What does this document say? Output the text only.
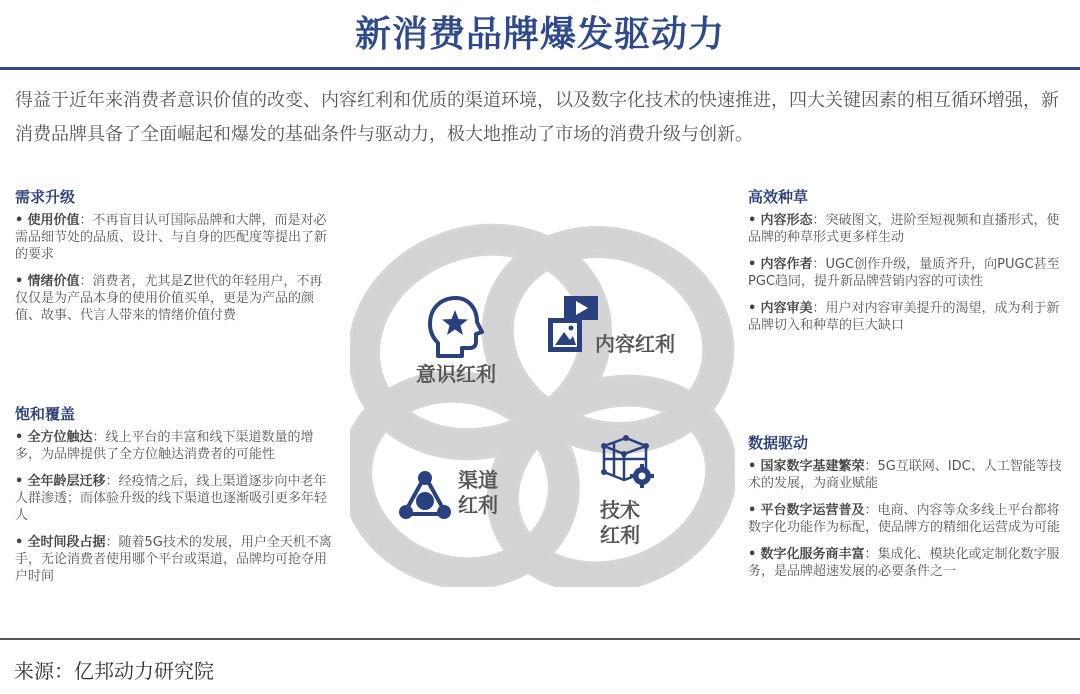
新消费品牌爆发驱动力
得益于近年来消费者意识价值的改变、内容红利和优质的渠道环境，以及数字化技术的快速推进，四大关键因素的相互循环增强，新消费品牌具备了全面崛起和爆发的基础条件与驱动力，极大地推动了市场的消费升级与创新。
需求升级
• 使用价值：不再盲目认可国际品牌和大牌，而是对必需品细节处的品质、设计、与自身的匹配度等提出了新的要求
• 情绪价值：消费者，尤其是Z世代的年轻用户，不再仅仅是为产品本身的使用价值买单，更是为产品的颜值、故事、代言人带来的情绪价值付费
饱和覆盖
• 全方位触达：线上平台的丰富和线下渠道数量的增多，为品牌提供了全方位触达消费者的可能性
• 全年龄层迁移：经疫情之后，线上渠道逐步向中老年人群渗透；而体验升级的线下渠道也逐渐吸引更多年轻人
• 全时间段占据：随着5G技术的发展，用户全天机不离手，无论消费者使用哪个平台或渠道，品牌均可抢夺用户时间
高效种草
• 内容形态：突破图文，进阶至短视频和直播形式，使品牌的种草形式更多样生动
• 内容作者：UGC创作升级，量质齐升，向PUGC甚至PGC趋同，提升新品牌营销内容的可读性
• 内容审美：用户对内容审美提升的渴望，成为利于新品牌切入和种草的巨大缺口
数据驱动
• 国家数字基建繁荣：5G互联网、IDC、人工智能等技术的发展，为商业赋能
• 平台数字运营普及：电商、内容等众多线上平台都将数字化功能作为标配，使品牌方的精细化运营成为可能
• 数字化服务商丰富：集成化、模块化或定制化数字服务，是品牌超速发展的必要条件之一
意识红利
内容红利
渠道
红利	技术
红利
来源：亿邦动力研究院
